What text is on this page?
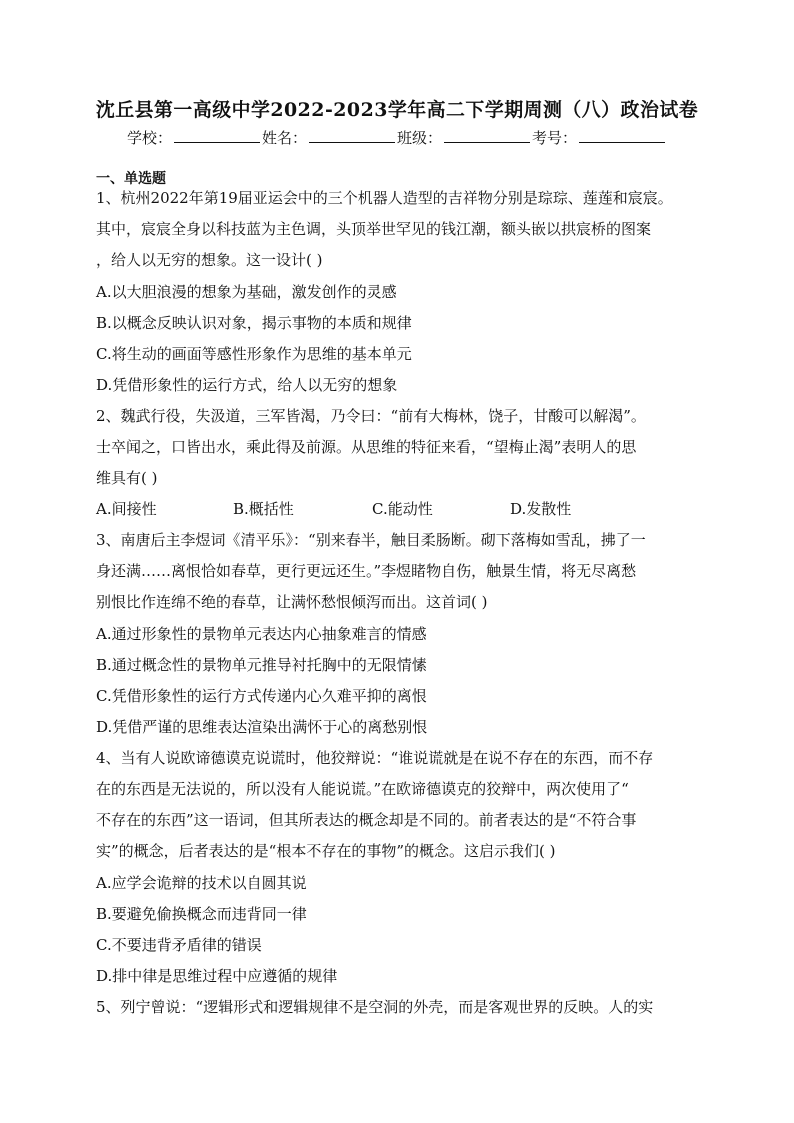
沈丘县第一高级中学2022-2023学年高二下学期周测（八）政治试卷
学校：	姓名：	班级：	考号：
一、单选题
1、杭州2022年第19届亚运会中的三个机器人造型的吉祥物分别是琮琮、莲莲和宸宸。
其中，宸宸全身以科技蓝为主色调，头顶举世罕见的钱江潮，额头嵌以拱宸桥的图案
，给人以无穷的想象。这一设计( )
A.以大胆浪漫的想象为基础，激发创作的灵感
B.以概念反映认识对象，揭示事物的本质和规律
C.将生动的画面等感性形象作为思维的基本单元
D.凭借形象性的运行方式，给人以无穷的想象
2、魏武行役，失汲道，三军皆渴，乃令曰：“前有大梅林，饶子，甘酸可以解渴”。
士卒闻之，口皆出水，乘此得及前源。从思维的特征来看，“望梅止渴”表明人的思
维具有( )
A.间接性	B.概括性	C.能动性	D.发散性
3、南唐后主李煜词《清平乐》：“别来春半，触目柔肠断。砌下落梅如雪乱，拂了一
身还满……离恨恰如春草，更行更远还生。”李煜睹物自伤，触景生情，将无尽离愁
别恨比作连绵不绝的春草，让满怀愁恨倾泻而出。这首词( )
A.通过形象性的景物单元表达内心抽象难言的情感
B.通过概念性的景物单元推导衬托胸中的无限情愫
C.凭借形象性的运行方式传递内心久难平抑的离恨
D.凭借严谨的思维表达渲染出满怀于心的离愁别恨
4、当有人说欧谛德谟克说谎时，他狡辩说：“谁说谎就是在说不存在的东西，而不存
在的东西是无法说的，所以没有人能说谎。”在欧谛德谟克的狡辩中，两次使用了“
不存在的东西”这一语词，但其所表达的概念却是不同的。前者表达的是“不符合事
实”的概念，后者表达的是“根本不存在的事物”的概念。这启示我们( )
A.应学会诡辩的技术以自圆其说
B.要避免偷换概念而违背同一律
C.不要违背矛盾律的错误
D.排中律是思维过程中应遵循的规律
5、列宁曾说：“逻辑形式和逻辑规律不是空洞的外壳，而是客观世界的反映。人的实
